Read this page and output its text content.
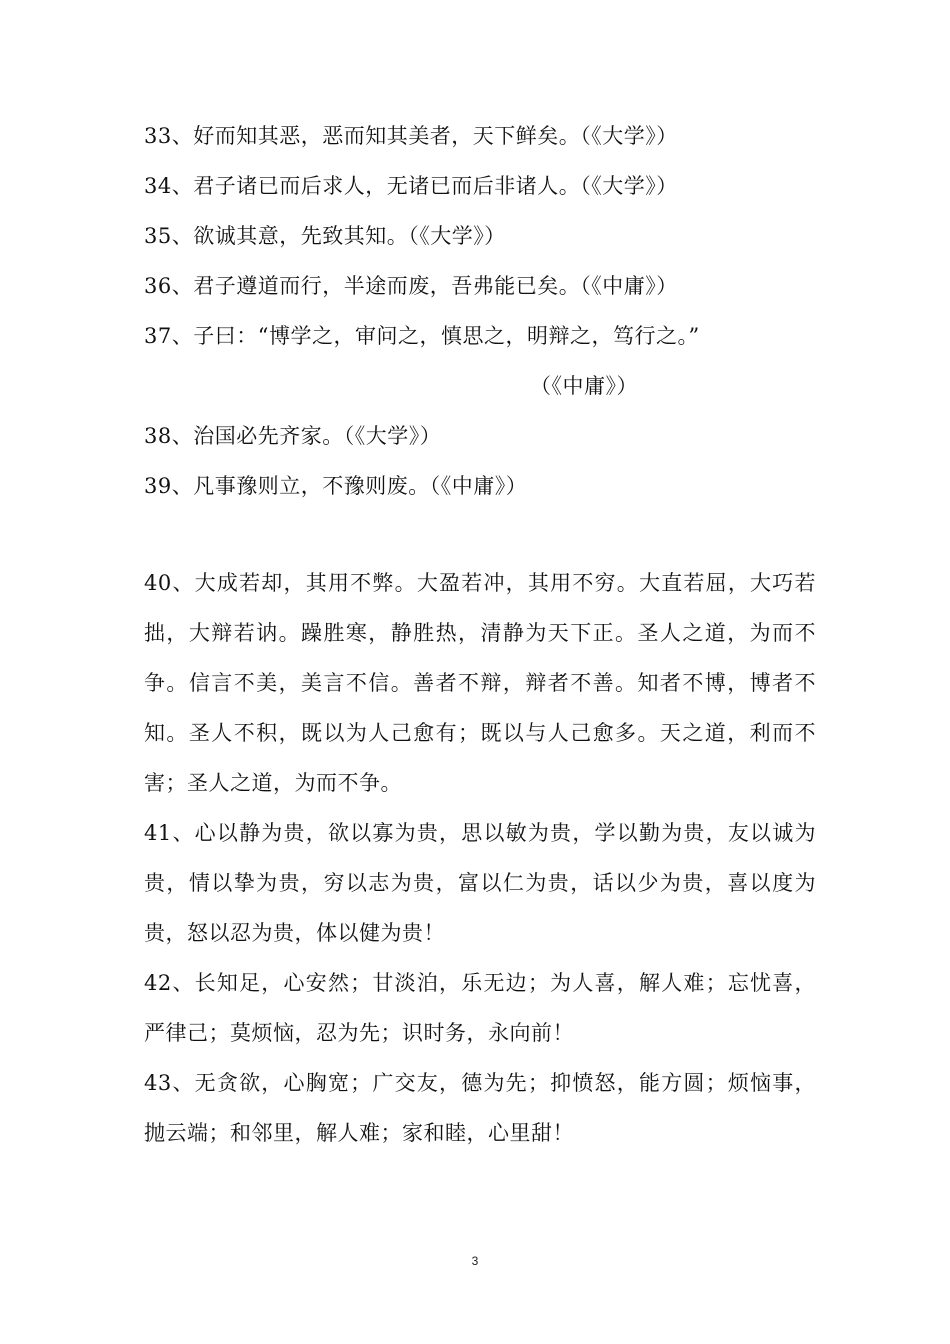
33、好而知其恶，恶而知其美者，天下鲜矣。（《大学》）
34、君子诸已而后求人，无诸已而后非诸人。（《大学》）
35、欲诚其意，先致其知。（《大学》）
36、君子遵道而行，半途而废，吾弗能已矣。（《中庸》）
37、子曰：“博学之，审问之，慎思之，明辩之，笃行之。”
（《中庸》）
38、治国必先齐家。（《大学》）
39、凡事豫则立，不豫则废。（《中庸》）
40、大成若却，其用不弊。大盈若冲，其用不穷。大直若屈，大巧若拙，大辩若讷。躁胜寒，静胜热，清静为天下正。圣人之道，为而不争。信言不美，美言不信。善者不辩，辩者不善。知者不博，博者不知。圣人不积，既以为人己愈有；既以与人己愈多。天之道，利而不害；圣人之道，为而不争。
41、心以静为贵，欲以寡为贵，思以敏为贵，学以勤为贵，友以诚为贵，情以挚为贵，穷以志为贵，富以仁为贵，话以少为贵，喜以度为贵，怒以忍为贵，体以健为贵！
42、长知足，心安然；甘淡泊，乐无边；为人喜，解人难；忘忧喜，严律己；莫烦恼，忍为先；识时务，永向前！
43、无贪欲，心胸宽；广交友，德为先；抑愤怒，能方圆；烦恼事，抛云端；和邻里，解人难；家和睦，心里甜！
3
